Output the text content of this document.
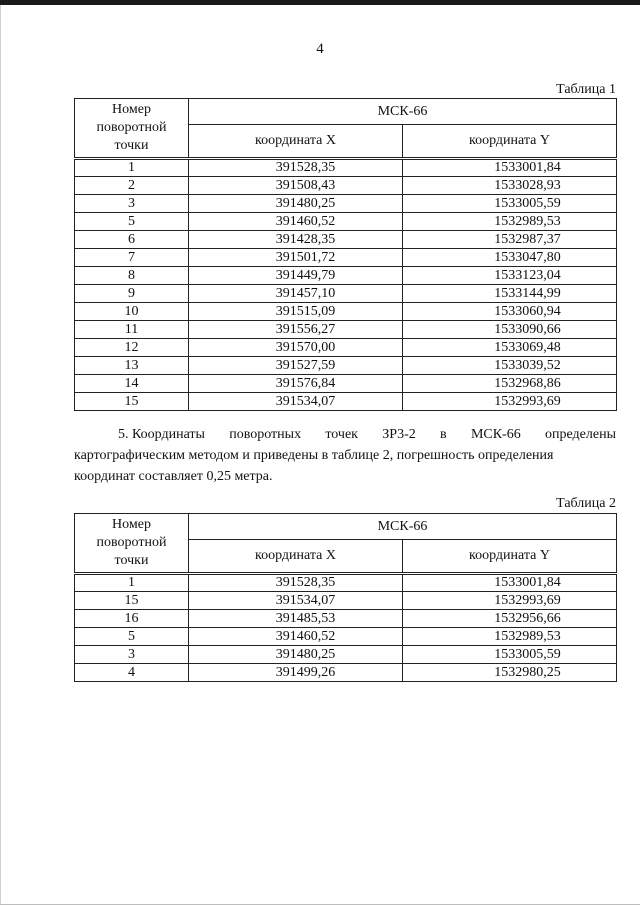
4
Таблица 1
Номер
поворотной
точки	МСК-66	
	координата X	координата Y
1	391528,35	1533001,84
2	391508,43	1533028,93
3	391480,25	1533005,59
5	391460,52	1532989,53
6	391428,35	1532987,37
7	391501,72	1533047,80
8	391449,79	1533123,04
9	391457,10	1533144,99
10	391515,09	1533060,94
11	391556,27	1533090,66
12	391570,00	1533069,48
13	391527,59	1533039,52
14	391576,84	1532968,86
15	391534,07	1532993,69
5. Координаты поворотных точек ЗР3-2 в МСК-66 определены
картографическим методом и приведены в таблице 2, погрешность определения
координат составляет 0,25 метра.
Таблица 2
Номер
поворотной
точки	МСК-66	
	координата X	координата Y
1	391528,35	1533001,84
15	391534,07	1532993,69
16	391485,53	1532956,66
5	391460,52	1532989,53
3	391480,25	1533005,59
4	391499,26	1532980,25
